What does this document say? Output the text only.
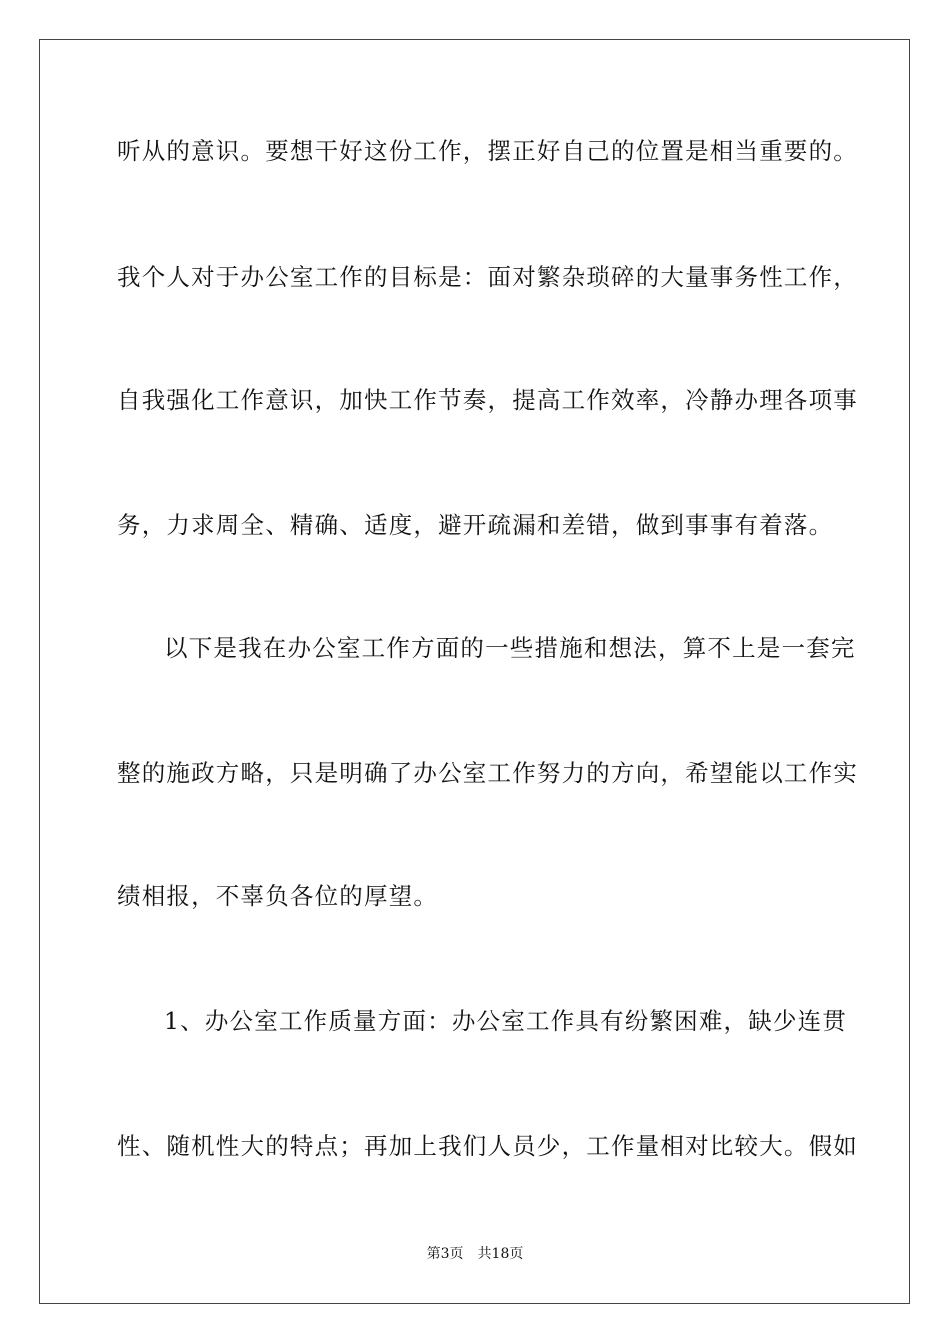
听从的意识。要想干好这份工作，摆正好自己的位置是相当重要的。
我个人对于办公室工作的目标是：面对繁杂琐碎的大量事务性工作，
自我强化工作意识，加快工作节奏，提高工作效率，冷静办理各项事
务，力求周全、精确、适度，避开疏漏和差错，做到事事有着落。
以下是我在办公室工作方面的一些措施和想法，算不上是一套完
整的施政方略，只是明确了办公室工作努力的方向，希望能以工作实
绩相报，不辜负各位的厚望。
1、办公室工作质量方面：办公室工作具有纷繁困难，缺少连贯
性、随机性大的特点；再加上我们人员少，工作量相对比较大。假如
第3页 共18页
